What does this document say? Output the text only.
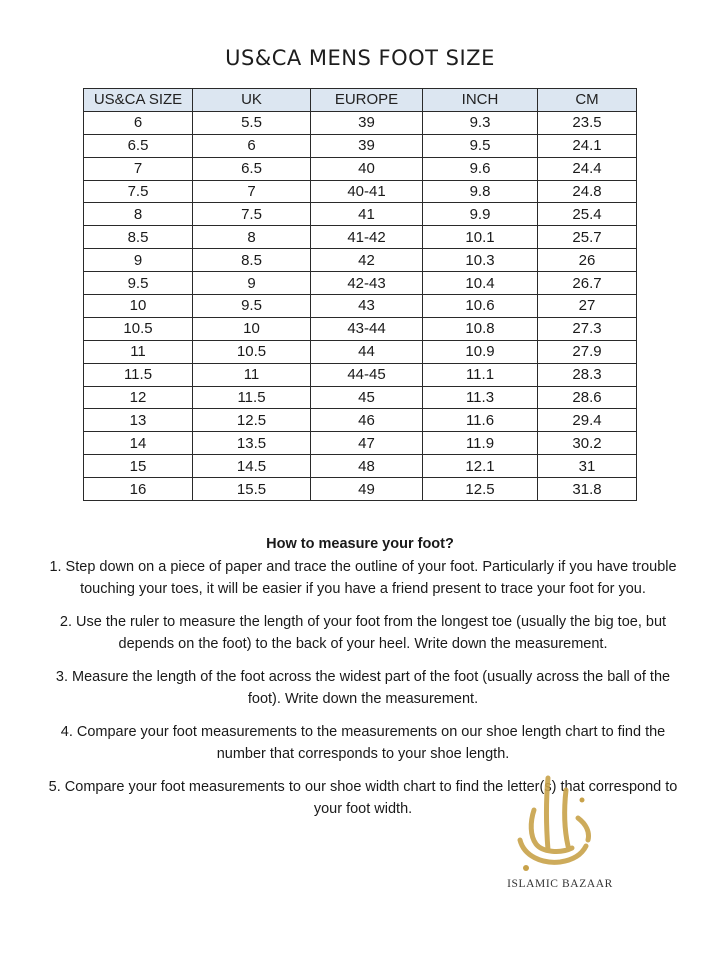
US&CA MENS FOOT SIZE
US&CA SIZE	UK	EUROPE	INCH	CM
6	5.5	39	9.3	23.5
6.5	6	39	9.5	24.1
7	6.5	40	9.6	24.4
7.5	7	40-41	9.8	24.8
8	7.5	41	9.9	25.4
8.5	8	41-42	10.1	25.7
9	8.5	42	10.3	26
9.5	9	42-43	10.4	26.7
10	9.5	43	10.6	27
10.5	10	43-44	10.8	27.3
11	10.5	44	10.9	27.9
11.5	11	44-45	11.1	28.3
12	11.5	45	11.3	28.6
13	12.5	46	11.6	29.4
14	13.5	47	11.9	30.2
15	14.5	48	12.1	31
16	15.5	49	12.5	31.8
How to measure your foot?

1. Step down on a piece of paper and trace the outline of your foot. Particularly if you have trouble touching your toes, it will be easier if you have a friend present to trace your foot for you.

2. Use the ruler to measure the length of your foot from the longest toe (usually the big toe, but depends on the foot) to the back of your heel. Write down the measurement.

3. Measure the length of the foot across the widest part of the foot (usually across the ball of the foot). Write down the measurement.

4. Compare your foot measurements to the measurements on our shoe length chart to find the number that corresponds to your shoe length.

5. Compare your foot measurements to our shoe width chart to find the letter(s) that correspond to your foot width.

ISLAMIC BAZAAR
